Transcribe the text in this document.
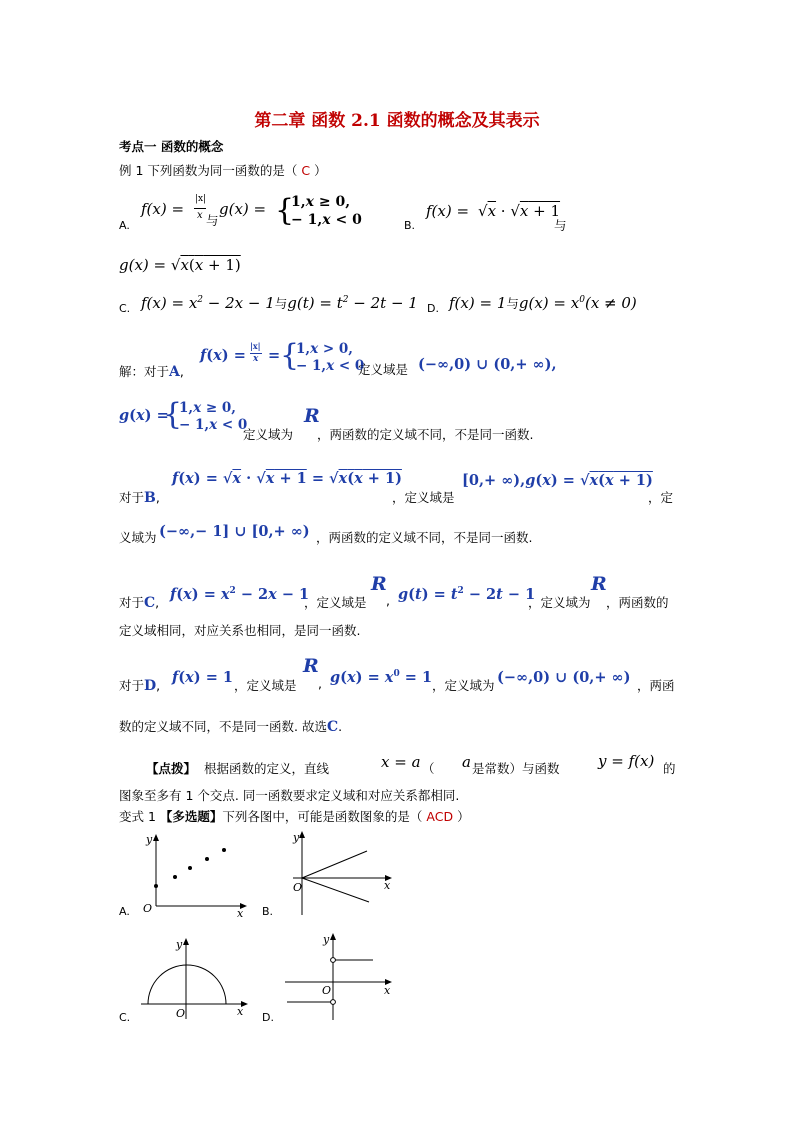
第二章 函数 2.1 函数的概念及其表示
考点一 函数的概念
例 1 下列函数为同一函数的是（ C ）
A.
f(x) =
|x|
x 与
g(x) = {
1,x ≥ 0,
− 1,x < 0	B.
f(x) = √x · √x + 1
与
g(x) = √x(x + 1)
C. $f(x) = x^2 - 2x - 1$与$g(t) = t^2 - 2t - 1$ D. f(x) = 1与$g(x) = x^0(x \ne 0)$
解：对于A,
f(x) =
|x|
x = {
1,x > 0,
− 1,x < 0
定义域是 (−∞,0) ∪ (0,+ ∞),
g(x) =
{
1,x ≥ 0,
− 1,x < 0
定义域为
R
，两函数的定义域不同，不是同一函数.
对于B,
f(x) = √x · √x + 1 = √x(x + 1)
，定义域是
[0,+ ∞),g(x) = √x(x + 1)
，定
义域为 (−∞,− 1] ∪ [0,+ ∞) ，两函数的定义域不同，不是同一函数.
对于C, $f(x) = x^2 - 2x - 1$
，定义域是
R
, $g(t) = t^2 - 2t - 1$
，定义域为
R
，两函数的
定义域相同，对应关系也相同，是同一函数.
对于D, f(x) = 1 ，定义域是
R
, $g(x) = x^0 = 1$ ，定义域为 (−∞,0) ∪ (0,+ ∞) ，两函
数的定义域不同，不是同一函数. 故选C.
【点拨】 根据函数的定义，直线	x = a （ a 是常数）与函数	y = f(x) 的
图象至多有 1 个交点. 同一函数要求定义域和对应关系都相同.
变式 1 【多选题】下列各图中，可能是函数图象的是（ ACD ）
A.
y
x
O	B.
y
x
O
C.
y
x
O	D.
y
x
O
